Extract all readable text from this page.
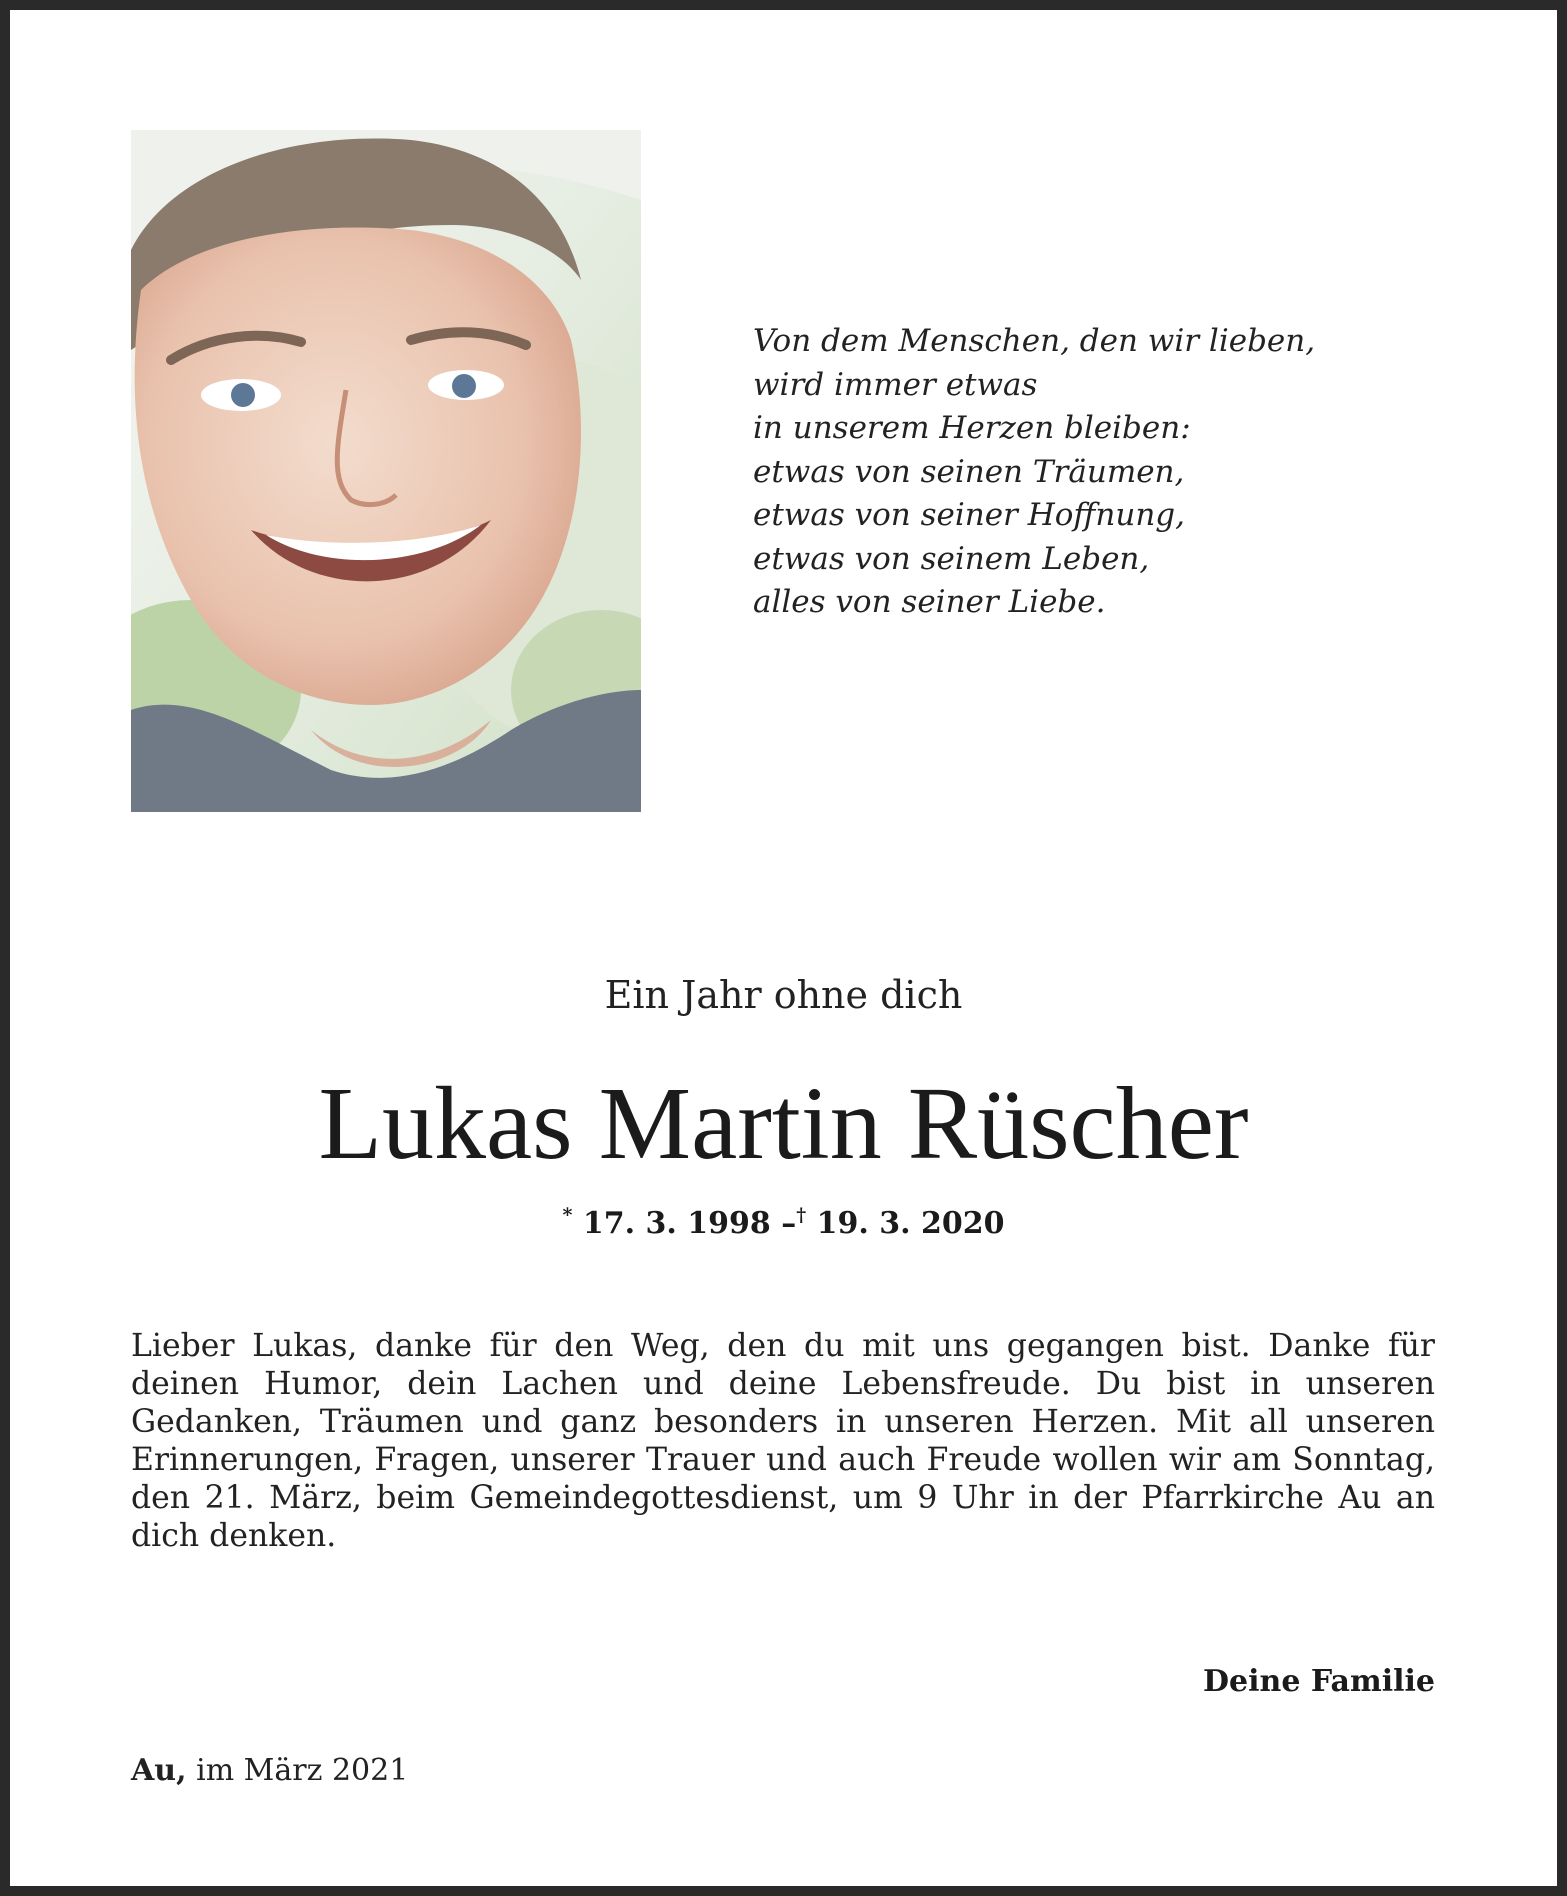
Von dem Menschen, den wir lieben,
wird immer etwas
in unserem Herzen bleiben:
etwas von seinen Träumen,
etwas von seiner Hoffnung,
etwas von seinem Leben,
alles von seiner Liebe.
Ein Jahr ohne dich
Lukas Martin Rüscher
* 17. 3. 1998 –† 19. 3. 2020
Lieber Lukas, danke für den Weg, den du mit uns gegangen bist. Danke für deinen Humor, dein Lachen und deine Lebensfreude. Du bist in unseren Gedanken, Träumen und ganz besonders in unseren Herzen. Mit all unseren Erinnerungen, Fragen, unserer Trauer und auch Freude wollen wir am Sonntag, den 21. März, beim Gemeindegottesdienst, um 9 Uhr in der Pfarrkirche Au an dich denken.
Deine Familie
Au, im März 2021
